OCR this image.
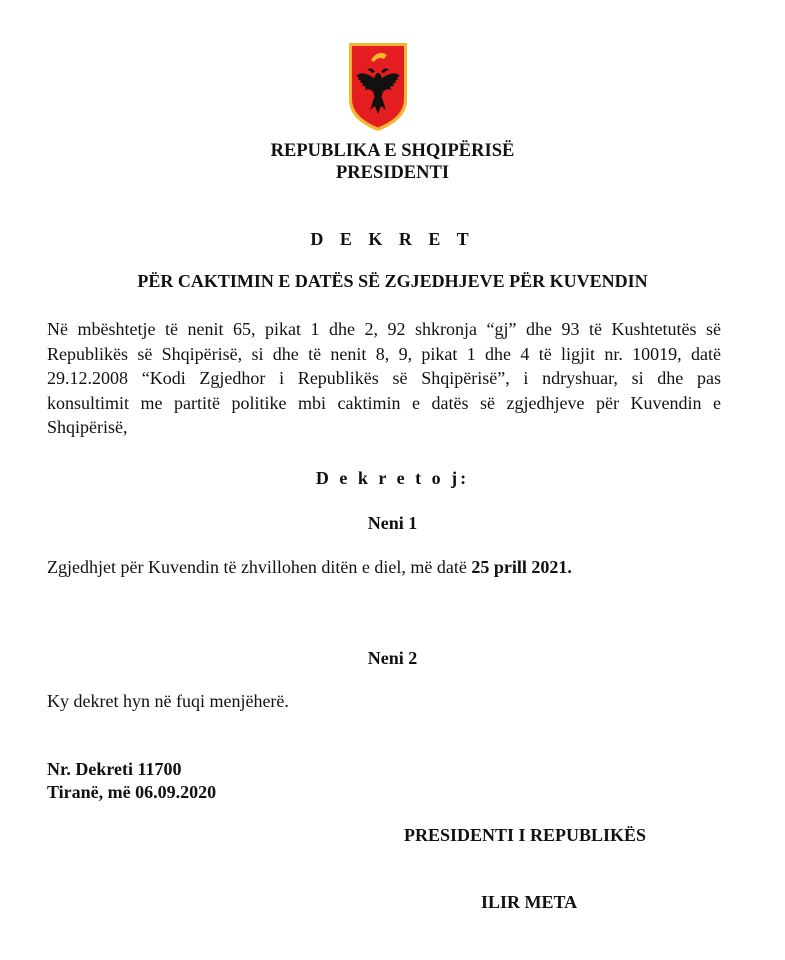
REPUBLIKA E SHQIPËRISË
PRESIDENTI
D E K R E T
PËR CAKTIMIN E DATËS SË ZGJEDHJEVE PËR KUVENDIN
Në mbështetje të nenit 65, pikat 1 dhe 2, 92 shkronja “gj” dhe 93 të Kushtetutës së
Republikës së Shqipërisë, si dhe të nenit 8, 9, pikat 1 dhe 4 të ligjit nr. 10019, datë
29.12.2008 “Kodi Zgjedhor i Republikës së Shqipërisë”, i ndryshuar, si dhe pas
konsultimit me partitë politike mbi caktimin e datës së zgjedhjeve për Kuvendin e
Shqipërisë,
D e k r e t o j:
Neni 1
Zgjedhjet për Kuvendin të zhvillohen ditën e diel, më datë 25 prill 2021.
Neni 2
Ky dekret hyn në fuqi menjëherë.
Nr. Dekreti 11700
Tiranë, më 06.09.2020
PRESIDENTI I REPUBLIKËS
ILIR META
